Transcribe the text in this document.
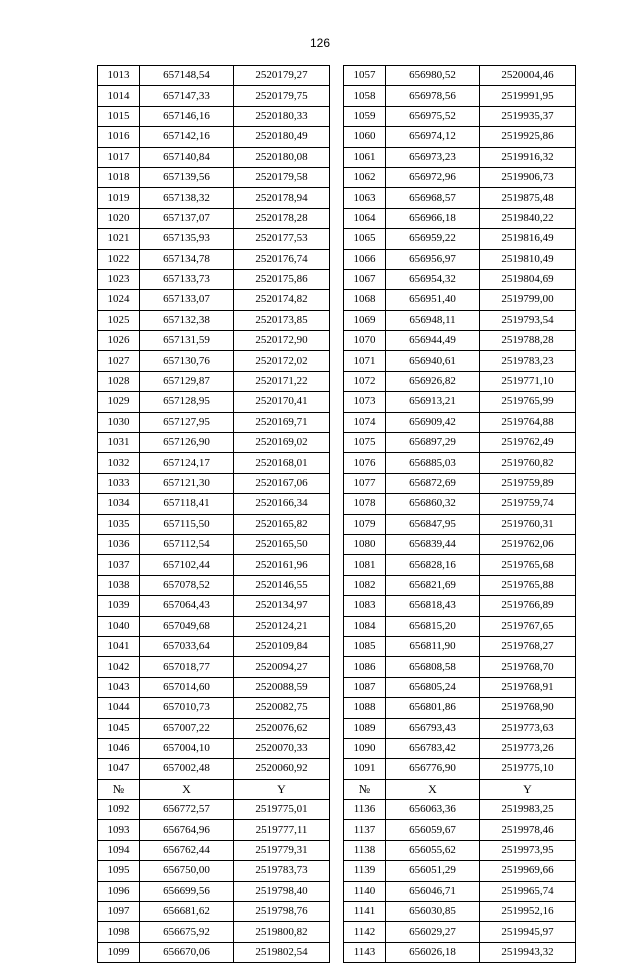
126
1013	657148,54	2520179,27		1057	656980,52	2520004,46
1014	657147,33	2520179,75		1058	656978,56	2519991,95
1015	657146,16	2520180,33		1059	656975,52	2519935,37
1016	657142,16	2520180,49		1060	656974,12	2519925,86
1017	657140,84	2520180,08		1061	656973,23	2519916,32
1018	657139,56	2520179,58		1062	656972,96	2519906,73
1019	657138,32	2520178,94		1063	656968,57	2519875,48
1020	657137,07	2520178,28		1064	656966,18	2519840,22
1021	657135,93	2520177,53		1065	656959,22	2519816,49
1022	657134,78	2520176,74		1066	656956,97	2519810,49
1023	657133,73	2520175,86		1067	656954,32	2519804,69
1024	657133,07	2520174,82		1068	656951,40	2519799,00
1025	657132,38	2520173,85		1069	656948,11	2519793,54
1026	657131,59	2520172,90		1070	656944,49	2519788,28
1027	657130,76	2520172,02		1071	656940,61	2519783,23
1028	657129,87	2520171,22		1072	656926,82	2519771,10
1029	657128,95	2520170,41		1073	656913,21	2519765,99
1030	657127,95	2520169,71		1074	656909,42	2519764,88
1031	657126,90	2520169,02		1075	656897,29	2519762,49
1032	657124,17	2520168,01		1076	656885,03	2519760,82
1033	657121,30	2520167,06		1077	656872,69	2519759,89
1034	657118,41	2520166,34		1078	656860,32	2519759,74
1035	657115,50	2520165,82		1079	656847,95	2519760,31
1036	657112,54	2520165,50		1080	656839,44	2519762,06
1037	657102,44	2520161,96		1081	656828,16	2519765,68
1038	657078,52	2520146,55		1082	656821,69	2519765,88
1039	657064,43	2520134,97		1083	656818,43	2519766,89
1040	657049,68	2520124,21		1084	656815,20	2519767,65
1041	657033,64	2520109,84		1085	656811,90	2519768,27
1042	657018,77	2520094,27		1086	656808,58	2519768,70
1043	657014,60	2520088,59		1087	656805,24	2519768,91
1044	657010,73	2520082,75		1088	656801,86	2519768,90
1045	657007,22	2520076,62		1089	656793,43	2519773,63
1046	657004,10	2520070,33		1090	656783,42	2519773,26
1047	657002,48	2520060,92		1091	656776,90	2519775,10
№	X	Y		№	X	Y
1092	656772,57	2519775,01		1136	656063,36	2519983,25
1093	656764,96	2519777,11		1137	656059,67	2519978,46
1094	656762,44	2519779,31		1138	656055,62	2519973,95
1095	656750,00	2519783,73		1139	656051,29	2519969,66
1096	656699,56	2519798,40		1140	656046,71	2519965,74
1097	656681,62	2519798,76		1141	656030,85	2519952,16
1098	656675,92	2519800,82		1142	656029,27	2519945,97
1099	656670,06	2519802,54		1143	656026,18	2519943,32
